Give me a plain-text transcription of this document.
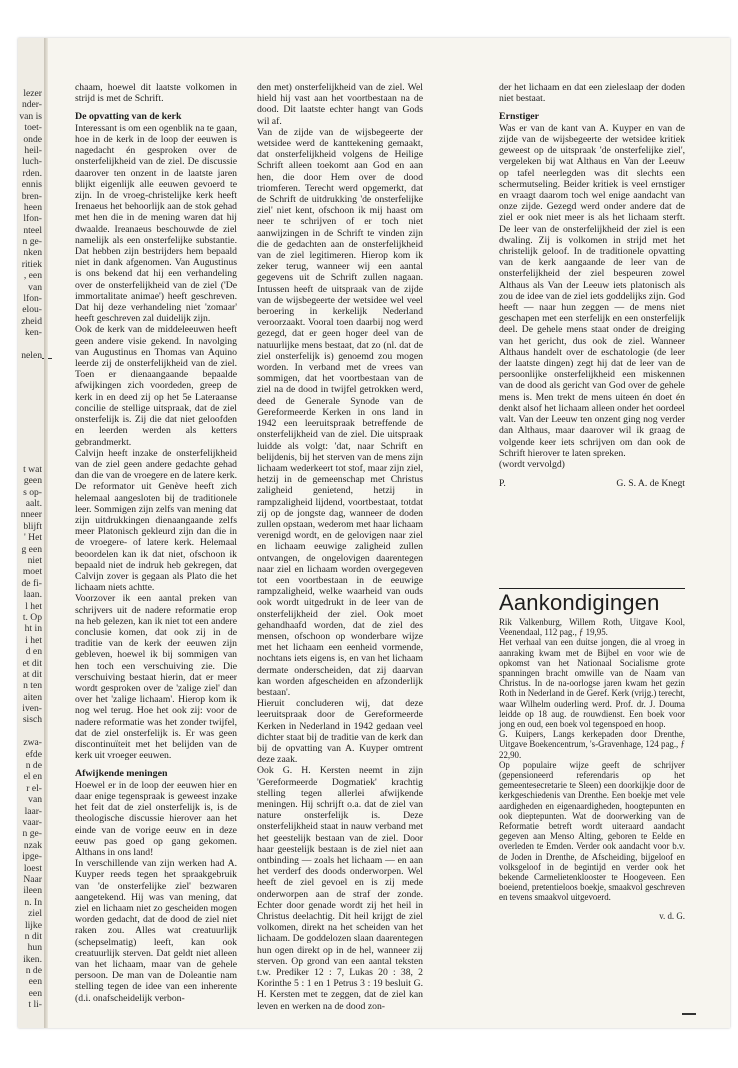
lezer
nder-
van is
toet-
onde
heil-
luch-
rden.
ennis
bren-
heen
lfon-
nteel
n ge-
nken
ritiek
, een
van
lfon-
elou-
zheid
ken-
nelen
t wat
geen
s op-
aalt.
nneer
blijft
' Het
g een
niet
moet
de fi-
laan.
l het
t. Op
ht in
i het
d en
et dit
at dit
n ten
aiten
iven-
sisch
zwa-
efde
n de
el en
r el-
van
laar-
vaar-
n ge-
nzak
ipge-
loest
Naar
ileen
n. In
ziel
lijke
n dit
hun
iken.
n de
een
een
t li-

chaam, hoewel dit laatste volkomen in strijd is met de Schrift.

De opvatting van de kerk

Interessant is om een ogenblik na te gaan, hoe in de kerk in de loop der eeuwen is nagedacht én gesproken over de onsterfelijkheid van de ziel. De discussie daarover ten onzent in de laatste jaren blijkt eigenlijk alle eeuwen gevoerd te zijn. In de vroeg-christelijke kerk heeft Irenaeus het behoorlijk aan de stok gehad met hen die in de mening waren dat hij dwaalde. Ireanaeus beschouwde de ziel namelijk als een onsterfelijke substantie. Dat hebben zijn bestrijders hem bepaald niet in dank afgenomen. Van Augustinus is ons bekend dat hij een verhandeling over de onsterfelijkheid van de ziel ('De immortalitate animae') heeft geschreven. Dat hij deze verhandeling niet 'zomaar' heeft geschreven zal duidelijk zijn.

Ook de kerk van de middeleeuwen heeft geen andere visie gekend. In navolging van Augustinus en Thomas van Aquino leerde zij de onsterfelijkheid van de ziel. Toen er dienaangaande bepaalde afwijkingen zich voordeden, greep de kerk in en deed zij op het 5e Lateraanse concilie de stellige uitspraak, dat de ziel onsterfelijk is. Zij die dat niet geloofden en leerden werden als ketters gebrandmerkt.

Calvijn heeft inzake de onsterfelijkheid van de ziel geen andere gedachte gehad dan die van de vroegere en de latere kerk. De reformator uit Genève heeft zich helemaal aangesloten bij de traditionele leer. Sommigen zijn zelfs van mening dat zijn uitdrukkingen dienaangaande zelfs meer Platonisch gekleurd zijn dan die in de vroegere- of latere kerk. Helemaal beoordelen kan ik dat niet, ofschoon ik bepaald niet de indruk heb gekregen, dat Calvijn zover is gegaan als Plato die het lichaam niets achtte.

Voorzover ik een aantal preken van schrijvers uit de nadere reformatie erop na heb gelezen, kan ik niet tot een andere conclusie komen, dat ook zij in de traditie van de kerk der eeuwen zijn gebleven, hoewel ik bij sommigen van hen toch een verschuiving zie. Die verschuiving bestaat hierin, dat er meer wordt gesproken over de 'zalige ziel' dan over het 'zalige lichaam'. Hierop kom ik nog wel terug. Hoe het ook zij: voor de nadere reformatie was het zonder twijfel, dat de ziel onsterfelijk is. Er was geen discontinuïteit met het belijden van de kerk uit vroeger eeuwen.

Afwijkende meningen

Hoewel er in de loop der eeuwen hier en daar enige tegenspraak is geweest inzake het feit dat de ziel onsterfelijk is, is de theologische discussie hierover aan het einde van de vorige eeuw en in deze eeuw pas goed op gang gekomen. Althans in ons land!

In verschillende van zijn werken had A. Kuyper reeds tegen het spraakgebruik van 'de onsterfelijke ziel' bezwaren aangetekend. Hij was van mening, dat ziel en lichaam niet zo gescheiden mogen worden gedacht, dat de dood de ziel niet raken zou. Alles wat creatuurlijk (schepselmatig) leeft, kan ook creatuurlijk sterven. Dat geldt niet alleen van het lichaam, maar van de gehele persoon. De man van de Doleantie nam stelling tegen de idee van een inherente (d.i. onafscheidelijk verbon-

den met) onsterfelijkheid van de ziel. Wel hield hij vast aan het voortbestaan na de dood. Dit laatste echter hangt van Gods wil af.

Van de zijde van de wijsbegeerte der wetsidee werd de kanttekening gemaakt, dat onsterfelijkheid volgens de Heilige Schrift alleen toekomt aan God en aan hen, die door Hem over de dood triomferen. Terecht werd opgemerkt, dat de Schrift de uitdrukking 'de onsterfelijke ziel' niet kent, ofschoon ik mij haast om neer te schrijven of er toch niet aanwijzingen in de Schrift te vinden zijn die de gedachten aan de onsterfelijkheid van de ziel legitimeren. Hierop kom ik zeker terug, wanneer wij een aantal gegevens uit de Schrift zullen nagaan. Intussen heeft de uitspraak van de zijde van de wijsbegeerte der wetsidee wel veel beroering in kerkelijk Nederland veroorzaakt. Vooral toen daarbij nog werd gezegd, dat er geen hoger deel van de natuurlijke mens bestaat, dat zo (nl. dat de ziel onsterfelijk is) genoemd zou mogen worden. In verband met de vrees van sommigen, dat het voortbestaan van de ziel na de dood in twijfel getrokken werd, deed de Generale Synode van de Gereformeerde Kerken in ons land in 1942 een leeruitspraak betreffende de onsterfelijkheid van de ziel. Die uitspraak luidde als volgt: 'dat, naar Schrift en belijdenis, bij het sterven van de mens zijn lichaam wederkeert tot stof, maar zijn ziel, hetzij in de gemeenschap met Christus zaligheid genietend, hetzij in rampzaligheid lijdend, voortbestaat, totdat zij op de jongste dag, wanneer de doden zullen opstaan, wederom met haar lichaam verenigd wordt, en de gelovigen naar ziel en lichaam eeuwige zaligheid zullen ontvangen, de ongelovigen daarentegen naar ziel en lichaam worden overgegeven tot een voortbestaan in de eeuwige rampzaligheid, welke waarheid van ouds ook wordt uitgedrukt in de leer van de onsterfelijkheid der ziel. Ook moet gehandhaafd worden, dat de ziel des mensen, ofschoon op wonderbare wijze met het lichaam een eenheid vormende, nochtans iets eigens is, en van het lichaam dermate onderscheiden, dat zij daarvan kan worden afgescheiden en afzonderlijk bestaan'.

Hieruit concluderen wij, dat deze leeruitspraak door de Gereformeerde Kerken in Nederland in 1942 gedaan veel dichter staat bij de traditie van de kerk dan bij de opvatting van A. Kuyper omtrent deze zaak.

Ook G. H. Kersten neemt in zijn 'Gereformeerde Dogmatiek' krachtig stelling tegen allerlei afwijkende meningen. Hij schrijft o.a. dat de ziel van nature onsterfelijk is. Deze onsterfelijkheid staat in nauw verband met het geestelijk bestaan van de ziel. Door haar geestelijk bestaan is de ziel niet aan ontbinding — zoals het lichaam — en aan het verderf des doods onderworpen. Wel heeft de ziel gevoel en is zij mede onderworpen aan de straf der zonde. Echter door genade wordt zij het heil in Christus deelachtig. Dit heil krijgt de ziel volkomen, direkt na het scheiden van het lichaam. De goddelozen slaan daarentegen hun ogen direkt op in de hel, wanneer zij sterven. Op grond van een aantal teksten t.w. Prediker 12 : 7, Lukas 20 : 38, 2 Korinthe 5 : 1 en 1 Petrus 3 : 19 besluit G. H. Kersten met te zeggen, dat de ziel kan leven en werken na de dood zon-

der het lichaam en dat een zieleslaap der doden niet bestaat.

Ernstiger

Was er van de kant van A. Kuyper en van de zijde van de wijsbegeerte der wetsidee kritiek geweest op de uitspraak 'de onsterfelijke ziel', vergeleken bij wat Althaus en Van der Leeuw op tafel neerlegden was dit slechts een schermutseling. Beider kritiek is veel ernstiger en vraagt daarom toch wel enige aandacht van onze zijde. Gezegd werd onder andere dat de ziel er ook niet meer is als het lichaam sterft. De leer van de onsterfelijkheid der ziel is een dwaling. Zij is volkomen in strijd met het christelijk geloof. In de traditionele opvatting van de kerk aangaande de leer van de onsterfelijkheid der ziel bespeuren zowel Althaus als Van der Leeuw iets platonisch als zou de idee van de ziel iets goddelijks zijn. God heeft — naar hun zeggen — de mens niet geschapen met een sterfelijk en een onsterfelijk deel. De gehele mens staat onder de dreiging van het gericht, dus ook de ziel. Wanneer Althaus handelt over de eschatologie (de leer der laatste dingen) zegt hij dat de leer van de persoonlijke onsterfelijkheid een miskennen van de dood als gericht van God over de gehele mens is. Men trekt de mens uiteen én doet én denkt alsof het lichaam alleen onder het oordeel valt. Van der Leeuw ten onzent ging nog verder dan Althaus, maar daarover wil ik graag de volgende keer iets schrijven om dan ook de Schrift hierover te laten spreken.

(wordt vervolgd)

P.	G. S. A. de Knegt
Aankondigingen

Rik Valkenburg, Willem Roth, Uitgave Kool, Veenendaal, 112 pag., ƒ 19,95.

Het verhaal van een duitse jongen, die al vroeg in aanraking kwam met de Bijbel en voor wie de opkomst van het Nationaal Socialisme grote spanningen bracht omwille van de Naam van Christus. In de na-oorlogse jaren kwam het gezin Roth in Nederland in de Geref. Kerk (vrijg.) terecht, waar Wilhelm ouderling werd. Prof. dr. J. Douma leidde op 18 aug. de rouwdienst. Een boek voor jong en oud, een boek vol tegenspoed en hoop.

G. Kuipers, Langs kerkepaden door Drenthe, Uitgave Boekencentrum, 's-Gravenhage, 124 pag., ƒ 22,90.

Op populaire wijze geeft de schrijver (gepensioneerd referendaris op het gemeentesecretarie te Sleen) een doorkijkje door de kerkgeschiedenis van Drenthe. Een boekje met vele aardigheden en eigenaardigheden, hoogtepunten en ook dieptepunten. Wat de doorwerking van de Reformatie betreft wordt uiteraard aandacht gegeven aan Menso Alting, geboren te Eelde en overleden te Emden. Verder ook aandacht voor b.v. de Joden in Drenthe, de Afscheiding, bijgeloof en volksgeloof in de begintijd en verder ook het bekende Carmelietenklooster te Hoogeveen. Een boeiend, pretentieloos boekje, smaakvol geschreven en tevens smaakvol uitgevoerd.

v. d. G.
